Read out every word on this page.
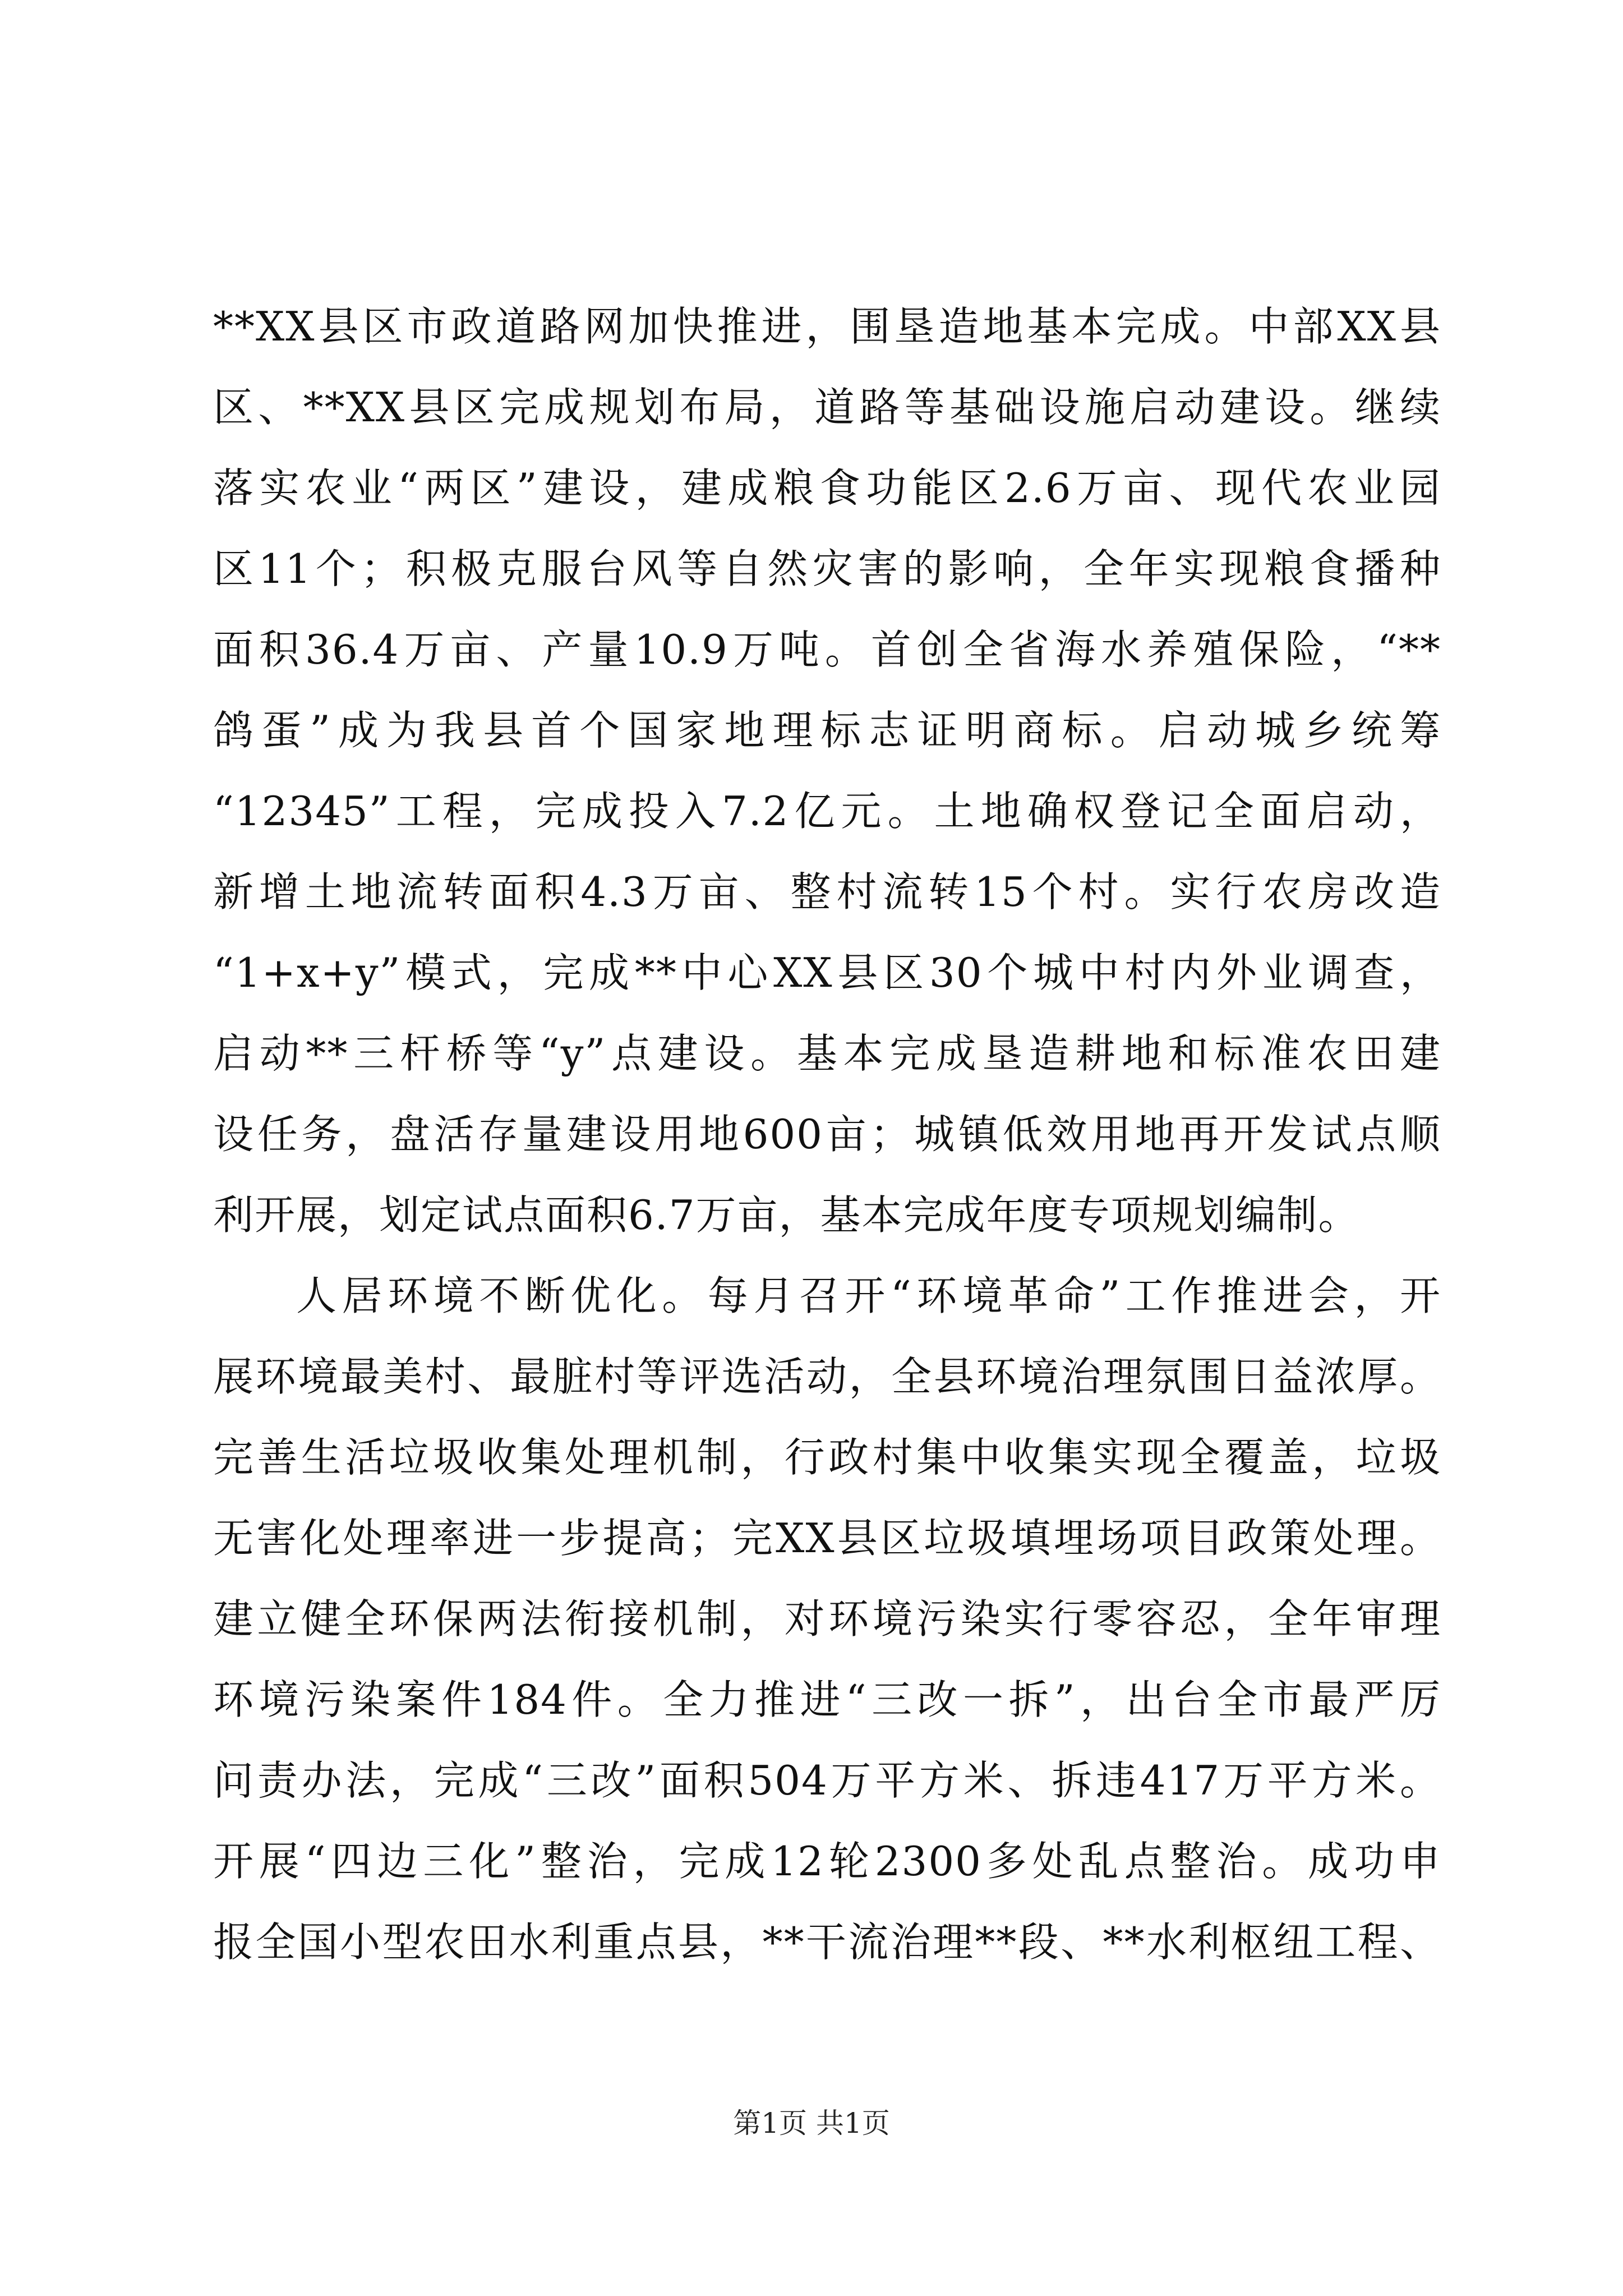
**XX县区市政道路网加快推进，围垦造地基本完成。中部XX县
区、**XX县区完成规划布局，道路等基础设施启动建设。继续
落实农业“两区”建设，建成粮食功能区2.6万亩、现代农业园
区11个；积极克服台风等自然灾害的影响，全年实现粮食播种
面积36.4万亩、产量10.9万吨。首创全省海水养殖保险，“**
鸽蛋”成为我县首个国家地理标志证明商标。启动城乡统筹
“12345”工程，完成投入7.2亿元。土地确权登记全面启动，
新增土地流转面积4.3万亩、整村流转15个村。实行农房改造
“1+x+y”模式，完成**中心XX县区30个城中村内外业调查，
启动**三杆桥等“y”点建设。基本完成垦造耕地和标准农田建
设任务，盘活存量建设用地600亩；城镇低效用地再开发试点顺
利开展，划定试点面积6.7万亩，基本完成年度专项规划编制。
人居环境不断优化。每月召开“环境革命”工作推进会，开
展环境最美村、最脏村等评选活动，全县环境治理氛围日益浓厚。
完善生活垃圾收集处理机制，行政村集中收集实现全覆盖，垃圾
无害化处理率进一步提高；完XX县区垃圾填埋场项目政策处理。
建立健全环保两法衔接机制，对环境污染实行零容忍，全年审理
环境污染案件184件。全力推进“三改一拆”，出台全市最严厉
问责办法，完成“三改”面积504万平方米、拆违417万平方米。
开展“四边三化”整治，完成12轮2300多处乱点整治。成功申
报全国小型农田水利重点县，**干流治理**段、**水利枢纽工程、
第1页 共1页
